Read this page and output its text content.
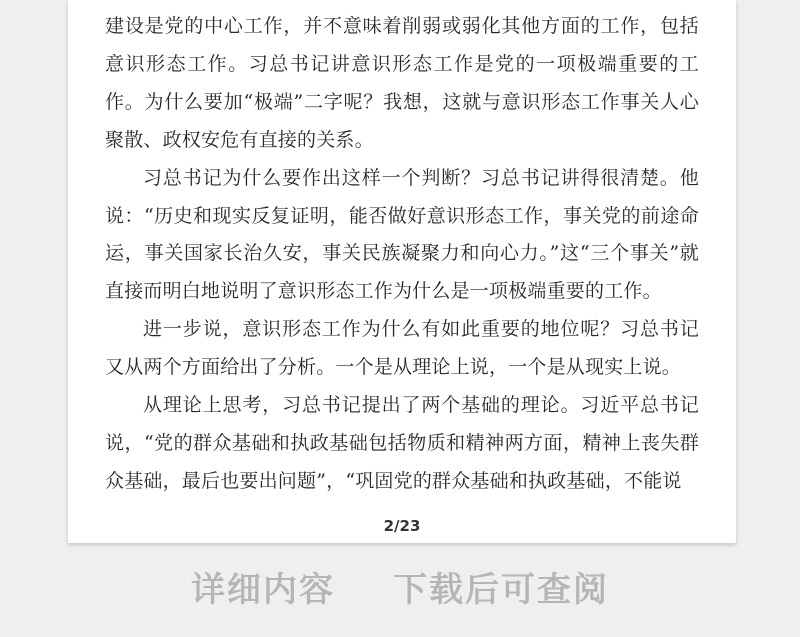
建设是党的中心工作，并不意味着削弱或弱化其他方面的工作，包括意识形态工作。习总书记讲意识形态工作是党的一项极端重要的工作。为什么要加“极端”二字呢？我想，这就与意识形态工作事关人心聚散、政权安危有直接的关系。

习总书记为什么要作出这样一个判断？习总书记讲得很清楚。他说：“历史和现实反复证明，能否做好意识形态工作，事关党的前途命运，事关国家长治久安，事关民族凝聚力和向心力。”这“三个事关”就直接而明白地说明了意识形态工作为什么是一项极端重要的工作。

进一步说，意识形态工作为什么有如此重要的地位呢？习总书记又从两个方面给出了分析。一个是从理论上说，一个是从现实上说。

从理论上思考，习总书记提出了两个基础的理论。习近平总书记说，“党的群众基础和执政基础包括物质和精神两方面，精神上丧失群众基础，最后也要出问题”，“巩固党的群众基础和执政基础，不能说

2/23
详细内容 下载后可查阅
